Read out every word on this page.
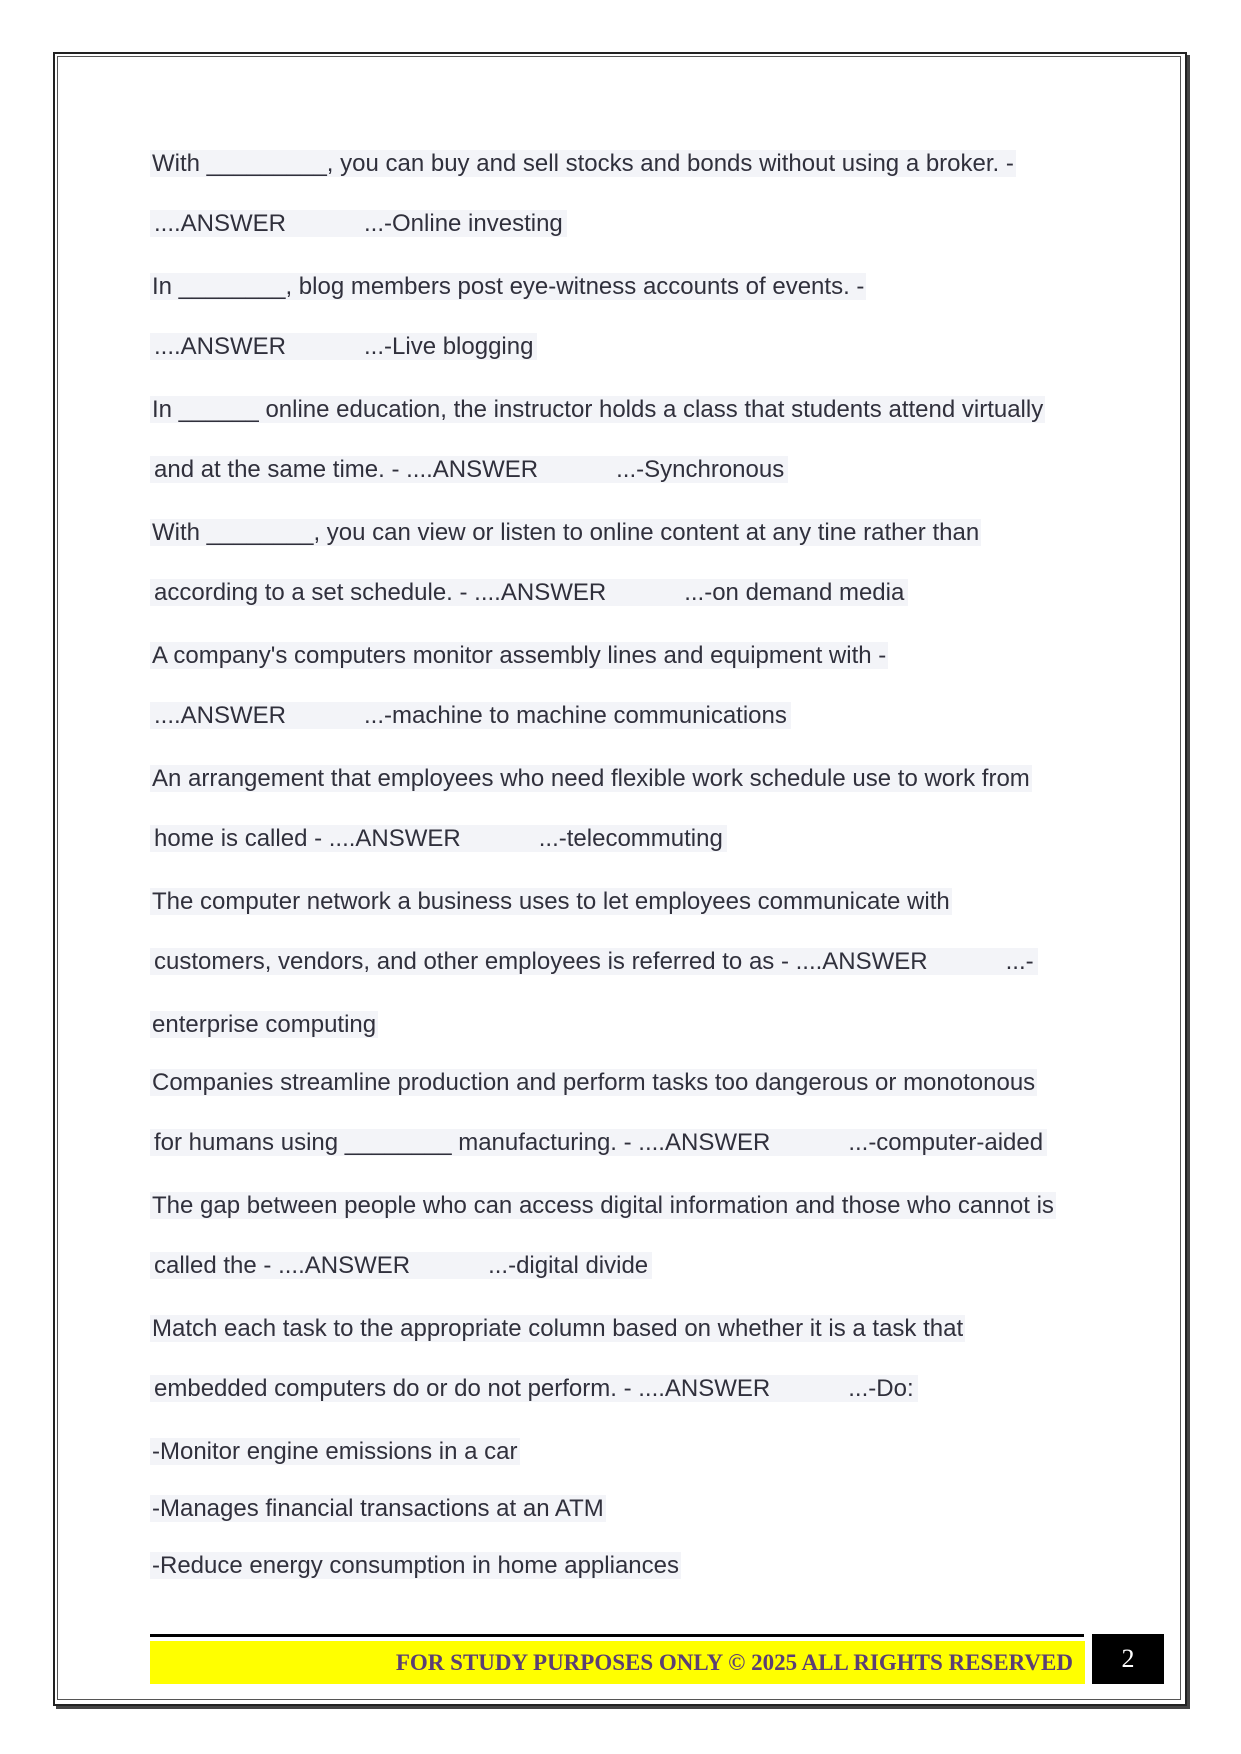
With _________, you can buy and sell stocks and bonds without using a broker. -
....ANSWER	...-Online investing
In ________, blog members post eye-witness accounts of events. -
....ANSWER	...-Live blogging
In ______ online education, the instructor holds a class that students attend virtually
and at the same time. - ....ANSWER	...-Synchronous
With ________, you can view or listen to online content at any tine rather than
according to a set schedule. - ....ANSWER	...-on demand media
A company's computers monitor assembly lines and equipment with -
....ANSWER	...-machine to machine communications
An arrangement that employees who need flexible work schedule use to work from
home is called - ....ANSWER	...-telecommuting
The computer network a business uses to let employees communicate with
customers, vendors, and other employees is referred to as - ....ANSWER	...-
enterprise computing
Companies streamline production and perform tasks too dangerous or monotonous
for humans using ________ manufacturing. - ....ANSWER	...-computer-aided
The gap between people who can access digital information and those who cannot is
called the - ....ANSWER	...-digital divide
Match each task to the appropriate column based on whether it is a task that
embedded computers do or do not perform. - ....ANSWER	...-Do:
-Monitor engine emissions in a car
-Manages financial transactions at an ATM
-Reduce energy consumption in home appliances
FOR STUDY PURPOSES ONLY © 2025 ALL RIGHTS RESERVED	2
